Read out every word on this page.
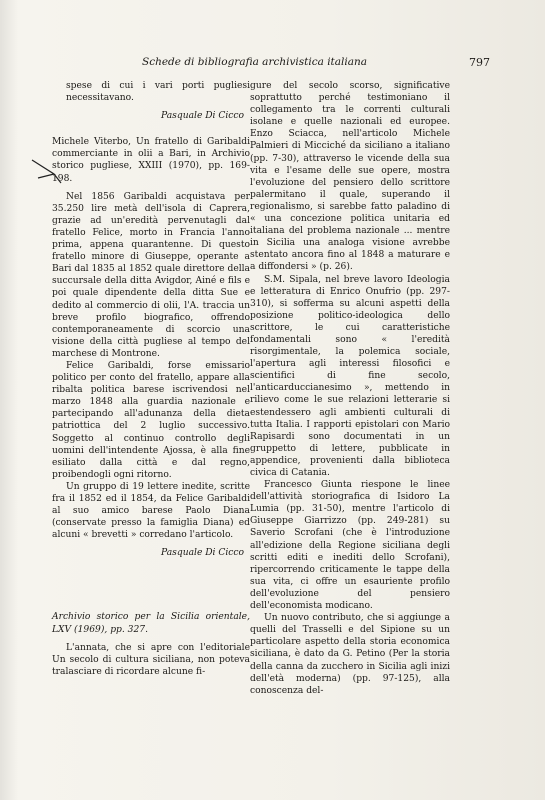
Schede di bibliografia archivistica italiana	797

spese di cui i vari porti pugliesi necessitavano.

Pasquale Di Cicco

Michele Viterbo, Un fratello di Garibaldi commerciante in olii a Bari, in Archivio storico pugliese, XXIII (1970), pp. 169-198.

Nel 1856 Garibaldi acquistava per 35.250 lire metà dell'isola di Caprera, grazie ad un'eredità pervenutagli dal fratello Felice, morto in Francia l'anno prima, appena quarantenne. Di questo fratello minore di Giuseppe, operante a Bari dal 1835 al 1852 quale direttore della succursale della ditta Avigdor, Ainé e fils e poi quale dipendente della ditta Sue e dedito al commercio di olii, l'A. traccia un breve profilo biografico, offrendo contemporaneamente di scorcio una visione della città pugliese al tempo del marchese di Montrone.

Felice Garibaldi, forse emissario politico per conto del fratello, appare alla ribalta politica barese iscrivendosi nel marzo 1848 alla guardia nazionale e partecipando all'adunanza della dieta patriottica del 2 luglio successivo. Soggetto al continuo controllo degli uomini dell'intendente Ajossa, è alla fine esiliato dalla città e dal regno, proibendogli ogni ritorno.

Un gruppo di 19 lettere inedite, scritte fra il 1852 ed il 1854, da Felice Garibaldi al suo amico barese Paolo Diana (conservate presso la famiglia Diana) ed alcuni « brevetti » corredano l'articolo.

Pasquale Di Cicco

Archivio storico per la Sicilia orientale, LXV (1969), pp. 327.

L'annata, che si apre con l'editoriale Un secolo di cultura siciliana, non poteva tralasciare di ricordare alcune fi-

gure del secolo scorso, significative soprattutto perché testimoniano il collegamento tra le correnti culturali isolane e quelle nazionali ed europee. Enzo Sciacca, nell'articolo Michele Palmieri di Micciché da siciliano a italiano (pp. 7-30), attraverso le vicende della sua vita e l'esame delle sue opere, mostra l'evoluzione del pensiero dello scrittore palermitano il quale, superando il regionalismo, si sarebbe fatto paladino di « una concezione politica unitaria ed italiana del problema nazionale ... mentre in Sicilia una analoga visione avrebbe stentato ancora fino al 1848 a maturare e a diffondersi » (p. 26).

S.M. Sipala, nel breve lavoro Ideologia e letteratura di Enrico Onufrio (pp. 297-310), si sofferma su alcuni aspetti della posizione politico-ideologica dello scrittore, le cui caratteristiche fondamentali sono « l'eredità risorgimentale, la polemica sociale, l'apertura agli interessi filosofici e scientifici di fine secolo, l'anticarduccianesimo », mettendo in rilievo come le sue relazioni letterarie si estendessero agli ambienti culturali di tutta Italia. I rapporti epistolari con Mario Rapisardi sono documentati in un gruppetto di lettere, pubblicate in appendice, provenienti dalla biblioteca civica di Catania.

Francesco Giunta riespone le linee dell'attività storiografica di Isidoro La Lumia (pp. 31-50), mentre l'articolo di Giuseppe Giarrizzo (pp. 249-281) su Saverio Scrofani (che è l'introduzione all'edizione della Regione siciliana degli scritti editi e inediti dello Scrofani), ripercorrendo criticamente le tappe della sua vita, ci offre un esauriente profilo dell'evoluzione del pensiero dell'economista modicano.

Un nuovo contributo, che si aggiunge a quelli del Trasselli e del Sipione su un particolare aspetto della storia economica siciliana, è dato da G. Petino (Per la storia della canna da zucchero in Sicilia agli inizi dell'età moderna) (pp. 97-125), alla conoscenza del-
